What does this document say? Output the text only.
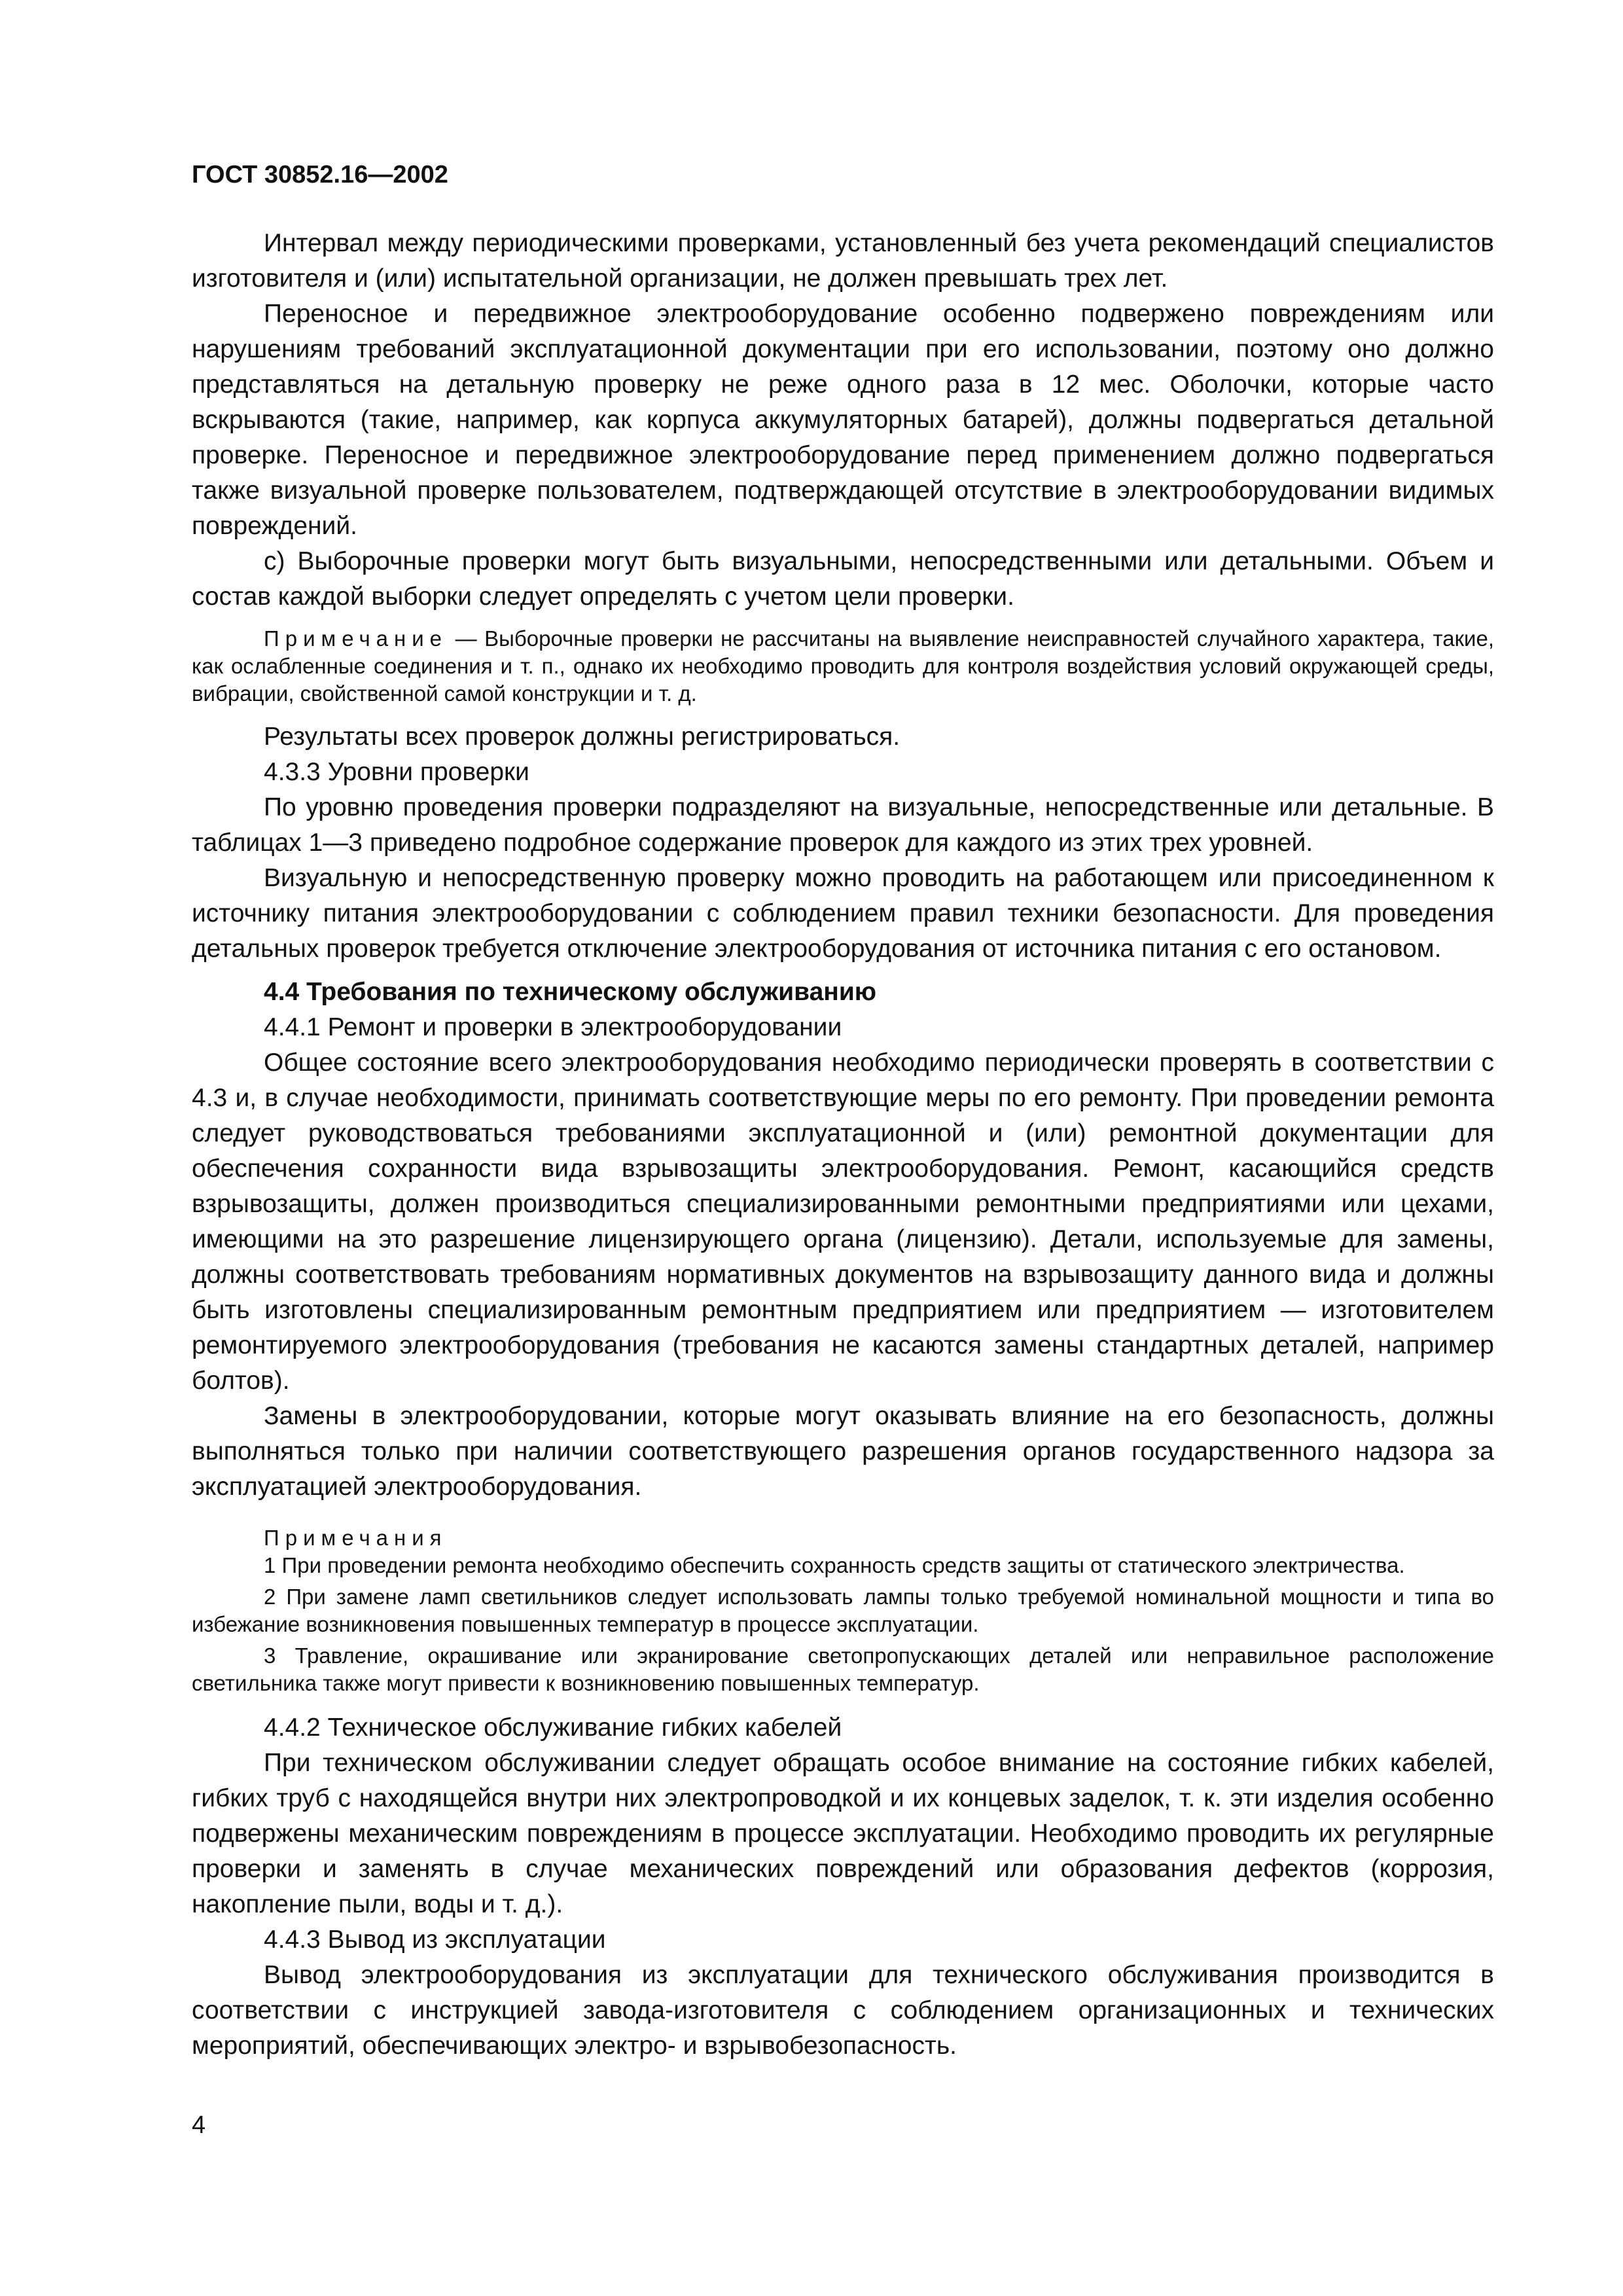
ГОСТ 30852.16—2002

Интервал между периодическими проверками, установленный без учета рекомендаций специалистов изготовителя и (или) испытательной организации, не должен превышать трех лет.

Переносное и передвижное электрооборудование особенно подвержено повреждениям или нарушениям требований эксплуатационной документации при его использовании, поэтому оно должно представляться на детальную проверку не реже одного раза в 12 мес. Оболочки, которые часто вскрываются (такие, например, как корпуса аккумуляторных батарей), должны подвергаться детальной проверке. Переносное и передвижное электрооборудование перед применением должно подвергаться также визуальной проверке пользователем, подтверждающей отсутствие в электрооборудовании видимых повреждений.

с) Выборочные проверки могут быть визуальными, непосредственными или детальными. Объем и состав каждой выборки следует определять с учетом цели проверки.

Примечание — Выборочные проверки не рассчитаны на выявление неисправностей случайного характера, такие, как ослабленные соединения и т. п., однако их необходимо проводить для контроля воздействия условий окружающей среды, вибрации, свойственной самой конструкции и т. д.

Результаты всех проверок должны регистрироваться.

4.3.3 Уровни проверки

По уровню проведения проверки подразделяют на визуальные, непосредственные или детальные. В таблицах 1—3 приведено подробное содержание проверок для каждого из этих трех уровней.

Визуальную и непосредственную проверку можно проводить на работающем или присоединенном к источнику питания электрооборудовании с соблюдением правил техники безопасности. Для проведения детальных проверок требуется отключение электрооборудования от источника питания с его остановом.

4.4 Требования по техническому обслуживанию

4.4.1 Ремонт и проверки в электрооборудовании

Общее состояние всего электрооборудования необходимо периодически проверять в соответствии с 4.3 и, в случае необходимости, принимать соответствующие меры по его ремонту. При проведении ремонта следует руководствоваться требованиями эксплуатационной и (или) ремонтной документации для обеспечения сохранности вида взрывозащиты электрооборудования. Ремонт, касающийся средств взрывозащиты, должен производиться специализированными ремонтными предприятиями или цехами, имеющими на это разрешение лицензирующего органа (лицензию). Детали, используемые для замены, должны соответствовать требованиям нормативных документов на взрывозащиту данного вида и должны быть изготовлены специализированным ремонтным предприятием или предприятием — изготовителем ремонтируемого электрооборудования (требования не касаются замены стандартных деталей, например болтов).

Замены в электрооборудовании, которые могут оказывать влияние на его безопасность, должны выполняться только при наличии соответствующего разрешения органов государственного надзора за эксплуатацией электрооборудования.

Примечания
1 При проведении ремонта необходимо обеспечить сохранность средств защиты от статического электричества.
2 При замене ламп светильников следует использовать лампы только требуемой номинальной мощности и типа во избежание возникновения повышенных температур в процессе эксплуатации.
3 Травление, окрашивание или экранирование светопропускающих деталей или неправильное расположение светильника также могут привести к возникновению повышенных температур.

4.4.2 Техническое обслуживание гибких кабелей

При техническом обслуживании следует обращать особое внимание на состояние гибких кабелей, гибких труб с находящейся внутри них электропроводкой и их концевых заделок, т. к. эти изделия особенно подвержены механическим повреждениям в процессе эксплуатации. Необходимо проводить их регулярные проверки и заменять в случае механических повреждений или образования дефектов (коррозия, накопление пыли, воды и т. д.).

4.4.3 Вывод из эксплуатации

Вывод электрооборудования из эксплуатации для технического обслуживания производится в соответствии с инструкцией завода-изготовителя с соблюдением организационных и технических мероприятий, обеспечивающих электро- и взрывобезопасность.

4
